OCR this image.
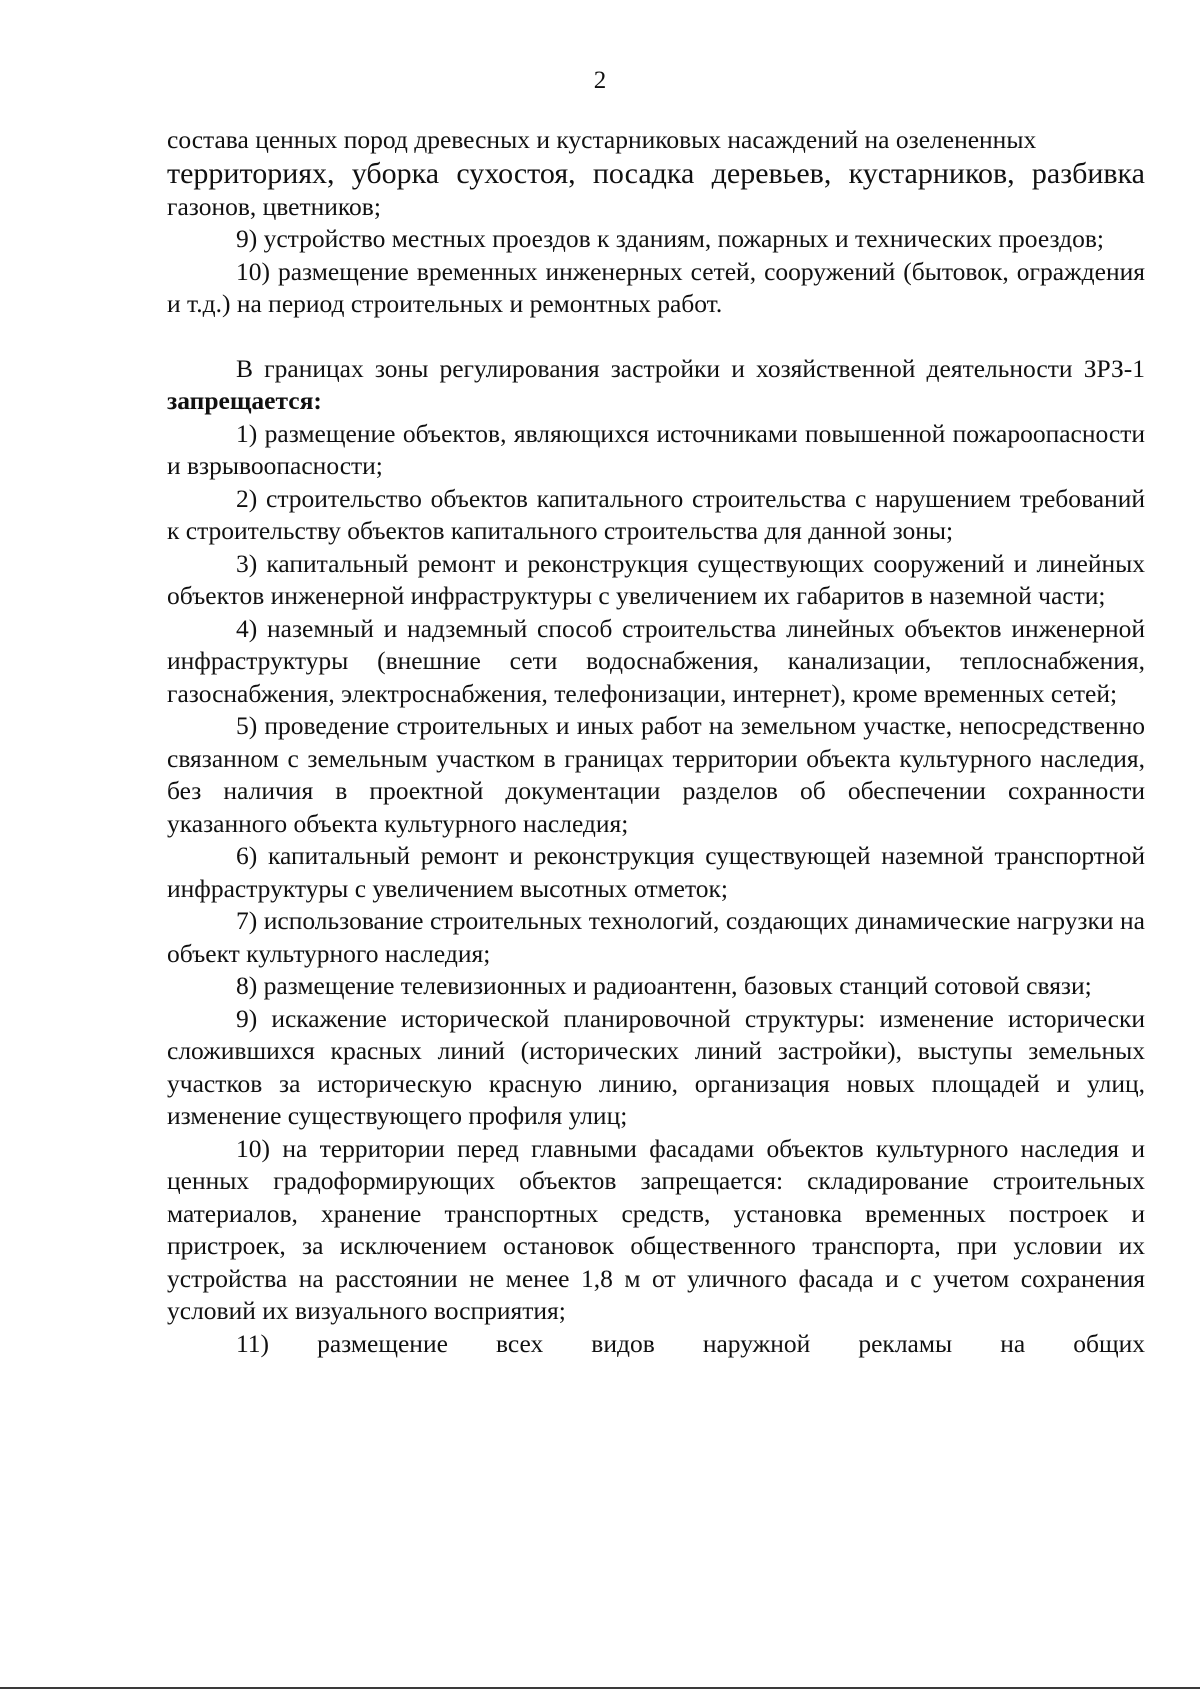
2

состава ценных пород древесных и кустарниковых насаждений на озелененных

территориях, уборка сухостоя, посадка деревьев, кустарников, разбивка

газонов, цветников;

9) устройство местных проездов к зданиям, пожарных и технических проездов;

10) размещение временных инженерных сетей, сооружений (бытовок, ограждения и т.д.) на период строительных и ремонтных работ.

В границах зоны регулирования застройки и хозяйственной деятельности ЗРЗ-1 запрещается:

1) размещение объектов, являющихся источниками повышенной пожароопасности и взрывоопасности;

2) строительство объектов капитального строительства с нарушением требований к строительству объектов капитального строительства для данной зоны;

3) капитальный ремонт и реконструкция существующих сооружений и линейных объектов инженерной инфраструктуры с увеличением их габаритов в наземной части;

4) наземный и надземный способ строительства линейных объектов инженерной инфраструктуры (внешние сети водоснабжения, канализации, теплоснабжения, газоснабжения, электроснабжения, телефонизации, интернет), кроме временных сетей;

5) проведение строительных и иных работ на земельном участке, непосредственно связанном с земельным участком в границах территории объекта культурного наследия, без наличия в проектной документации разделов об обеспечении сохранности указанного объекта культурного наследия;

6) капитальный ремонт и реконструкция существующей наземной транспортной инфраструктуры с увеличением высотных отметок;

7) использование строительных технологий, создающих динамические нагрузки на объект культурного наследия;

8) размещение телевизионных и радиоантенн, базовых станций сотовой связи;

9) искажение исторической планировочной структуры: изменение исторически сложившихся красных линий (исторических линий застройки), выступы земельных участков за историческую красную линию, организация новых площадей и улиц, изменение существующего профиля улиц;

10) на территории перед главными фасадами объектов культурного наследия и ценных градоформирующих объектов запрещается: складирование строительных материалов, хранение транспортных средств, установка временных построек и пристроек, за исключением остановок общественного транспорта, при условии их устройства на расстоянии не менее 1,8 м от уличного фасада и с учетом сохранения условий их визуального восприятия;

11) размещение всех видов наружной рекламы на общих
